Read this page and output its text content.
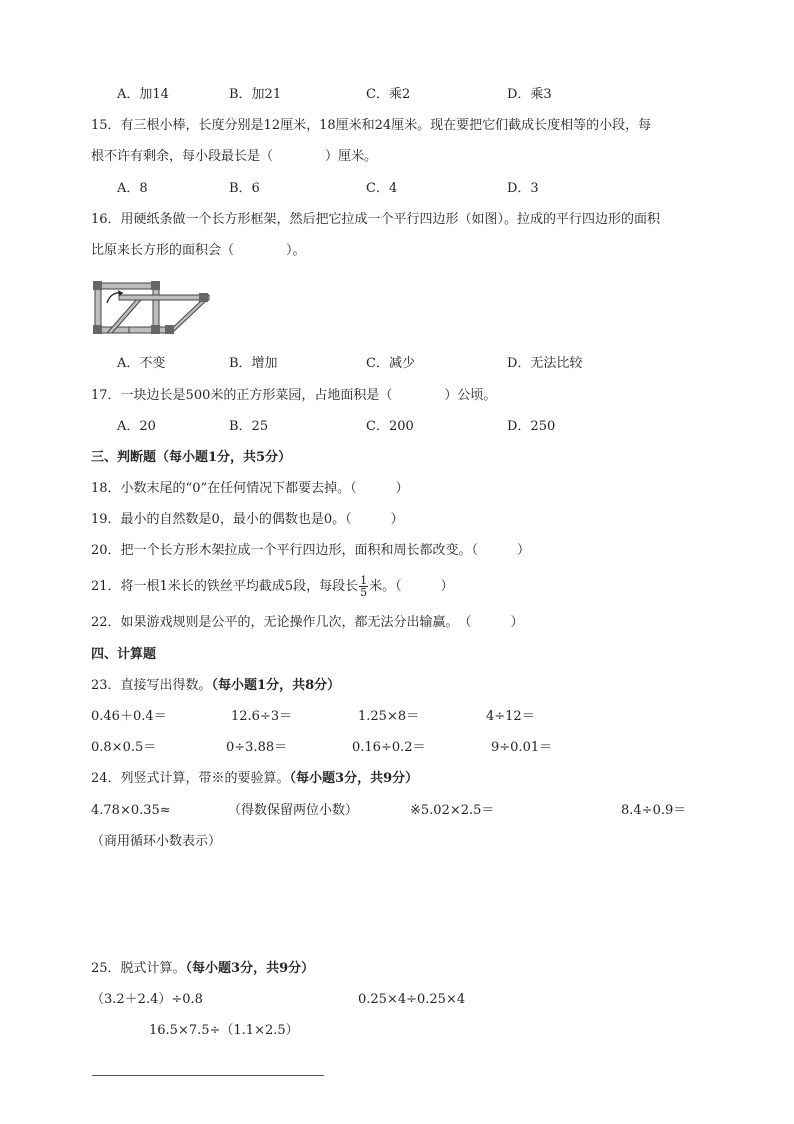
A．加14	B．加21	C．乘2	D．乘3
15．有三根小棒，长度分别是12厘米，18厘米和24厘米。现在要把它们截成长度相等的小段，每
根不许有剩余，每小段最长是（　　　　）厘米。
A．8	B．6	C．4	D．3
16．用硬纸条做一个长方形框架，然后把它拉成一个平行四边形（如图）。拉成的平行四边形的面积
比原来长方形的面积会（　　　　）。
A．不变	B．增加	C．减少	D．无法比较
17．一块边长是500米的正方形菜园，占地面积是（　　　　）公顷。
A．20	B．25	C．200	D．250
三、判断题（每小题1分，共5分）
18．小数末尾的“0”在任何情况下都要去掉。（　　　）
19．最小的自然数是0，最小的偶数也是0。（　　　）
20．把一个长方形木架拉成一个平行四边形，面积和周长都改变。（　　　）
21．将一根1米长的铁丝平均截成5段，每段长 $\frac{1}{5}$ 米。（　　　）
22．如果游戏规则是公平的，无论操作几次，都无法分出输赢。　（　　　）
四、计算题
23．直接写出得数。（每小题1分，共8分）
0.46＋0.4＝	12.6÷3＝	1.25×8＝	4÷12＝
0.8×0.5＝	0÷3.88＝	0.16÷0.2＝	9÷0.01＝
24．列竖式计算，带※的要验算。（每小题3分，共9分）
4.78×0.35≈	（得数保留两位小数）	※5.02×2.5＝	8.4÷0.9＝
（商用循环小数表示）
25．脱式计算。（每小题3分，共9分）
（3.2＋2.4）÷0.8	0.25×4÷0.25×4
16.5×7.5÷（1.1×2.5）
